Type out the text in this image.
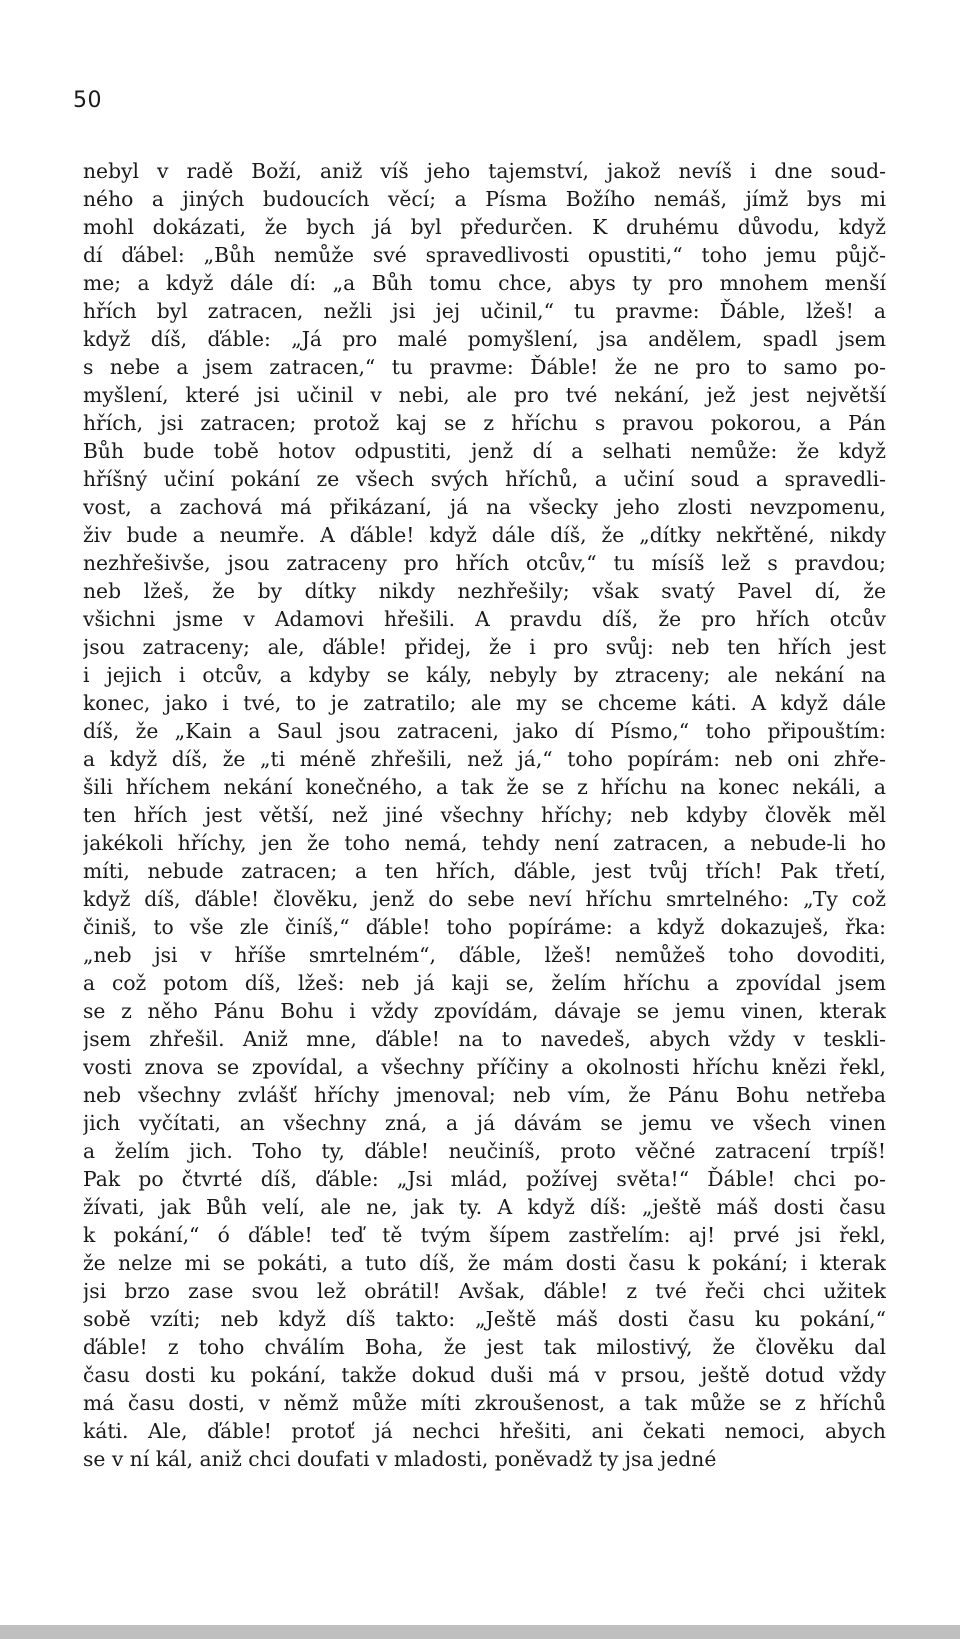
50
nebyl v radě Boží, aniž víš jeho tajemství, jakož nevíš i dne soud-
ného a jiných budoucích věcí; a Písma Božího nemáš, jímž bys mi
mohl dokázati, že bych já byl předurčen. K druhému důvodu, když
dí ďábel: „Bůh nemůže své spravedlivosti opustiti,“ toho jemu půjč-
me; a když dále dí: „a Bůh tomu chce, abys ty pro mnohem menší
hřích byl zatracen, nežli jsi jej učinil,“ tu pravme: Ďáble, lžeš! a
když díš, ďáble: „Já pro malé pomyšlení, jsa andělem, spadl jsem
s nebe a jsem zatracen,“ tu pravme: Ďáble! že ne pro to samo po-
myšlení, které jsi učinil v nebi, ale pro tvé nekání, jež jest největší
hřích, jsi zatracen; protož kaj se z hříchu s pravou pokorou, a Pán
Bůh bude tobě hotov odpustiti, jenž dí a selhati nemůže: že když
hříšný učiní pokání ze všech svých hříchů, a učiní soud a spravedli-
vost, a zachová má přikázaní, já na všecky jeho zlosti nevzpomenu,
živ bude a neumře. A ďáble! když dále díš, že „dítky nekřtěné, nikdy
nezhřešivše, jsou zatraceny pro hřích otcův,“ tu mísíš lež s pravdou;
neb lžeš, že by dítky nikdy nezhřešily; však svatý Pavel dí, že
všichni jsme v Adamovi hřešili. A pravdu díš, že pro hřích otcův
jsou zatraceny; ale, ďáble! přidej, že i pro svůj: neb ten hřích jest
i jejich i otcův, a kdyby se kály, nebyly by ztraceny; ale nekání na
konec, jako i tvé, to je zatratilo; ale my se chceme káti. A když dále
díš, že „Kain a Saul jsou zatraceni, jako dí Písmo,“ toho připouštím:
a když díš, že „ti méně zhřešili, než já,“ toho popírám: neb oni zhře-
šili hříchem nekání konečného, a tak že se z hříchu na konec nekáli, a
ten hřích jest větší, než jiné všechny hříchy; neb kdyby člověk měl
jakékoli hříchy, jen že toho nemá, tehdy není zatracen, a nebude-li ho
míti, nebude zatracen; a ten hřích, ďáble, jest tvůj třích! Pak třetí,
když díš, ďáble! člověku, jenž do sebe neví hříchu smrtelného: „Ty což
činiš, to vše zle činíš,“ ďáble! toho popíráme: a když dokazuješ, řka:
„neb jsi v hříše smrtelném“, ďáble, lžeš! nemůžeš toho dovoditi,
a což potom díš, lžeš: neb já kaji se, želím hříchu a zpovídal jsem
se z něho Pánu Bohu i vždy zpovídám, dávaje se jemu vinen, kterak
jsem zhřešil. Aniž mne, ďáble! na to navedeš, abych vždy v teskli-
vosti znova se zpovídal, a všechny příčiny a okolnosti hříchu knězi řekl,
neb všechny zvlášť hříchy jmenoval; neb vím, že Pánu Bohu netřeba
jich vyčítati, an všechny zná, a já dávám se jemu ve všech vinen
a želím jich. Toho ty, ďáble! neučiníš, proto věčné zatracení trpíš!
Pak po čtvrté díš, ďáble: „Jsi mlád, požívej světa!“ Ďáble! chci po-
žívati, jak Bůh velí, ale ne, jak ty. A když díš: „ještě máš dosti času
k pokání,“ ó ďáble! teď tě tvým šípem zastřelím: aj! prvé jsi řekl,
že nelze mi se pokáti, a tuto díš, že mám dosti času k pokání; i kterak
jsi brzo zase svou lež obrátil! Avšak, ďáble! z tvé řeči chci užitek
sobě vzíti; neb když díš takto: „Ještě máš dosti času ku pokání,“
ďáble! z toho chválím Boha, že jest tak milostivý, že člověku dal
času dosti ku pokání, takže dokud duši má v prsou, ještě dotud vždy
má času dosti, v němž může míti zkroušenost, a tak může se z hříchů
káti. Ale, ďáble! protoť já nechci hřešiti, ani čekati nemoci, abych
se v ní kál, aniž chci doufati v mladosti, poněvadž ty jsa jedné
